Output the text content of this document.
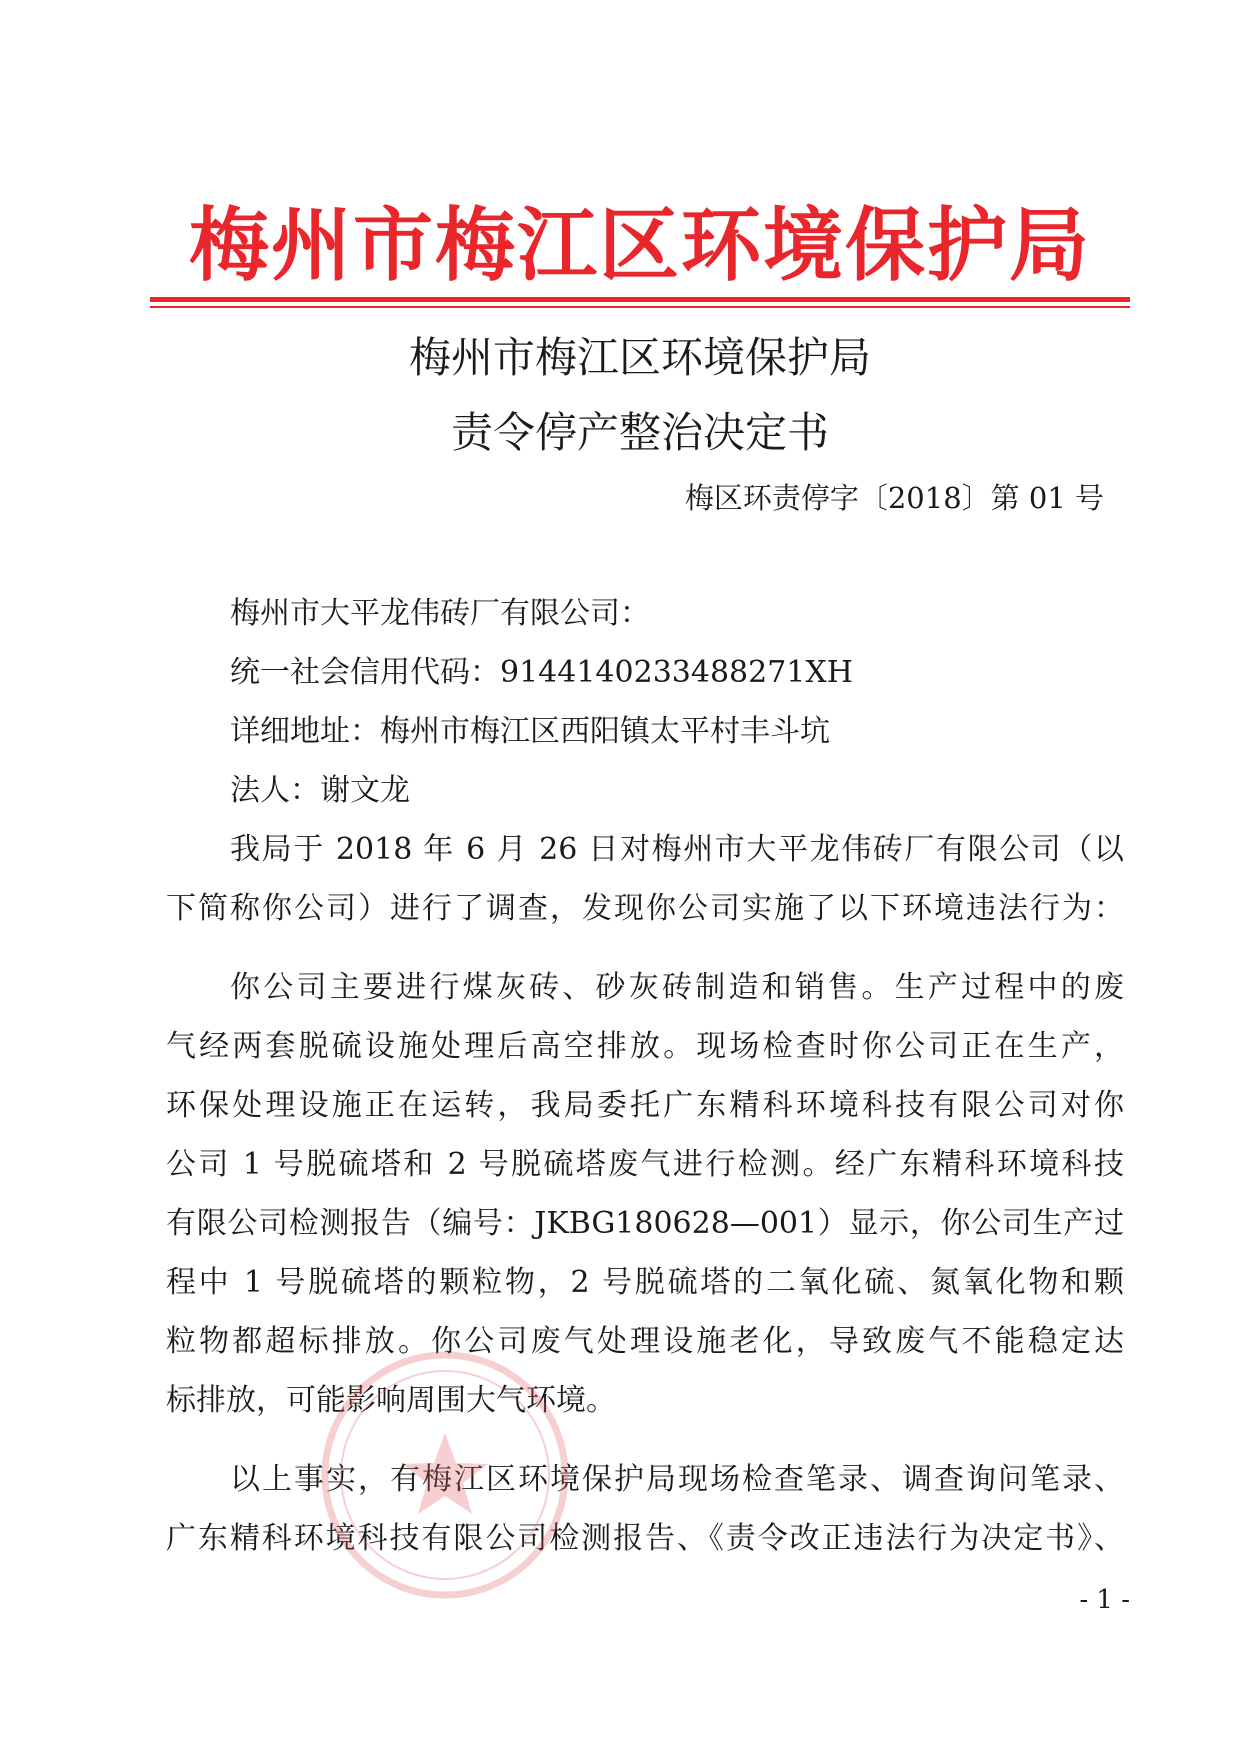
梅州市梅江区环境保护局
梅州市梅江区环境保护局
责令停产整治决定书
梅区环责停字〔2018〕第 01 号
梅州市大平龙伟砖厂有限公司：
统一社会信用代码：9144140233488271XH
详细地址：梅州市梅江区西阳镇太平村丰斗坑
法人：谢文龙
我局于 2018 年 6 月 26 日对梅州市大平龙伟砖厂有限公司（以
下简称你公司）进行了调查，发现你公司实施了以下环境违法行为：
你公司主要进行煤灰砖、砂灰砖制造和销售。生产过程中的废
气经两套脱硫设施处理后高空排放。现场检查时你公司正在生产，
环保处理设施正在运转，我局委托广东精科环境科技有限公司对你
公司 1 号脱硫塔和 2 号脱硫塔废气进行检测。经广东精科环境科技
有限公司检测报告（编号：JKBG180628—001）显示，你公司生产过
程中 1 号脱硫塔的颗粒物，2 号脱硫塔的二氧化硫、氮氧化物和颗
粒物都超标排放。你公司废气处理设施老化，导致废气不能稳定达
标排放，可能影响周围大气环境。
以上事实，有梅江区环境保护局现场检查笔录、调查询问笔录、
广东精科环境科技有限公司检测报告、《责令改正违法行为决定书》、
- 1 -
